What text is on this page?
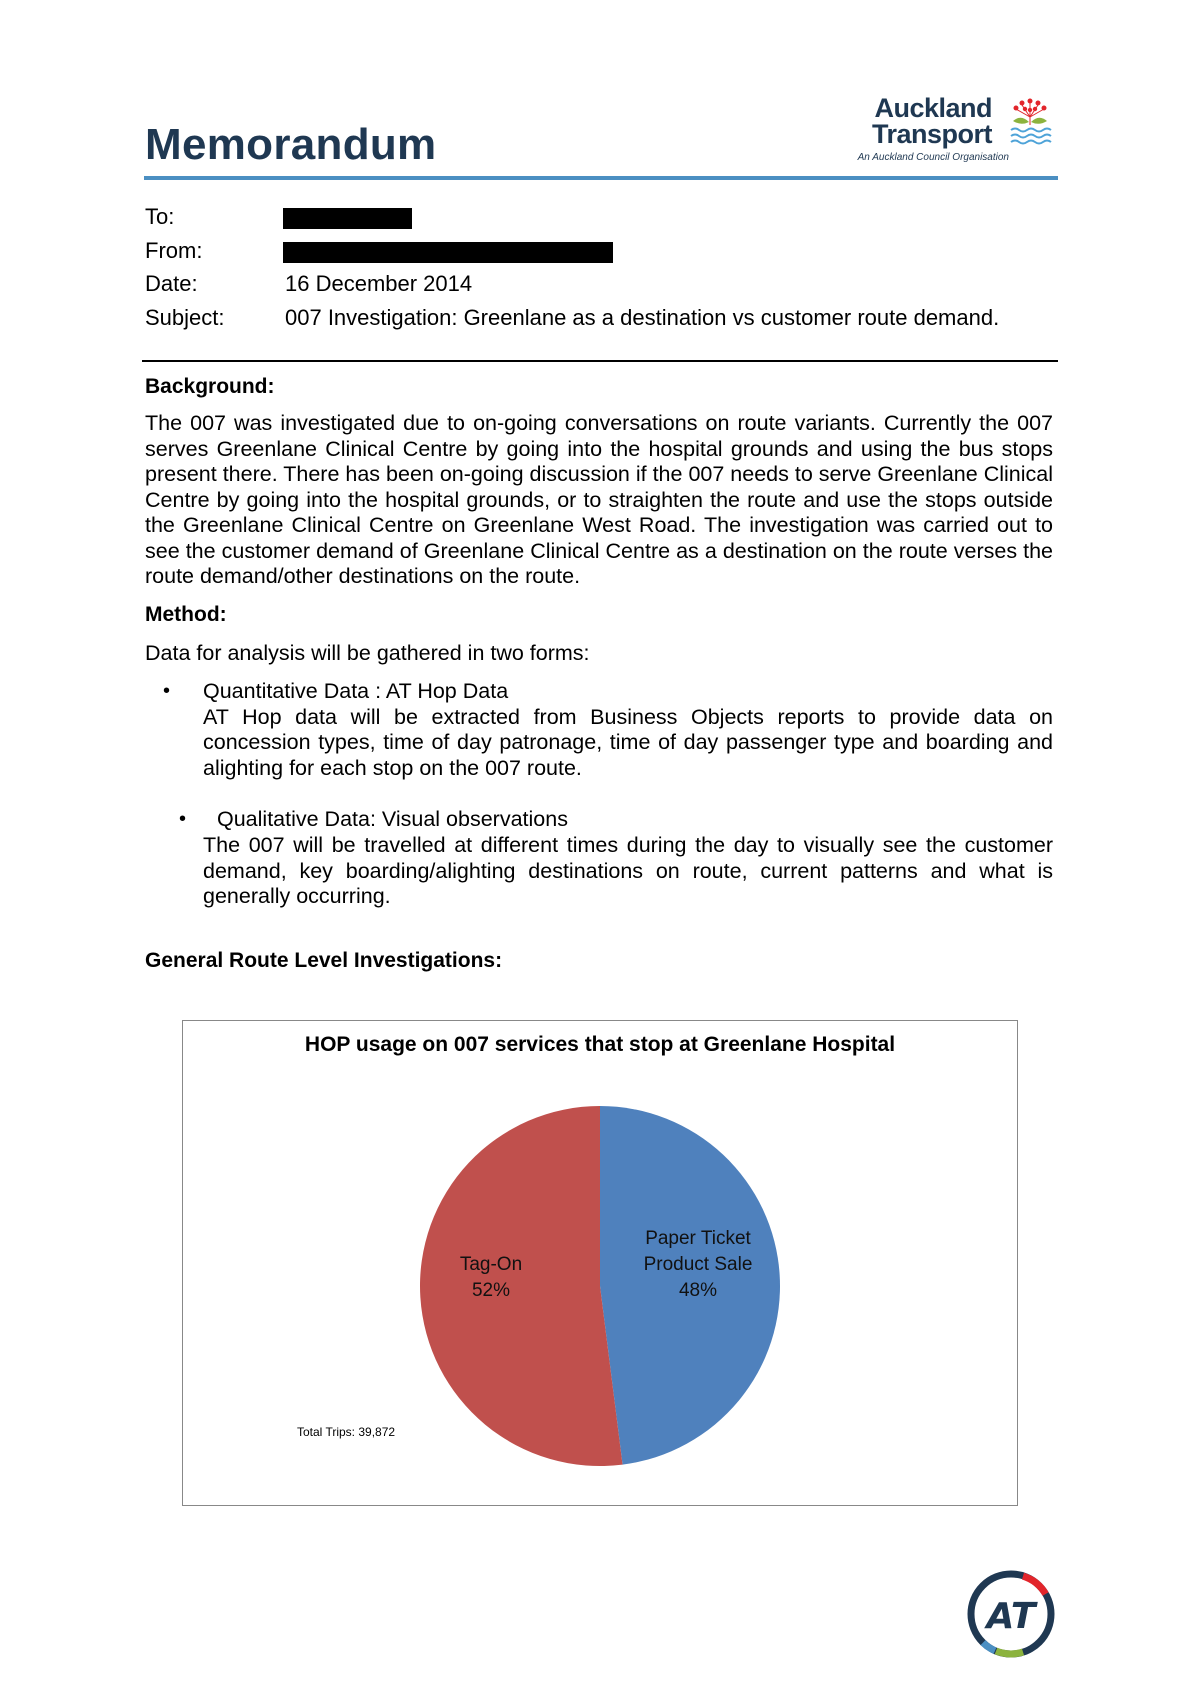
Memorandum
Auckland
Transport
An Auckland Council Organisation
To:
From:
Date:	16 December 2014
Subject:	007 Investigation: Greenlane as a destination vs customer route demand.
Background:
The 007 was investigated due to on-going conversations on route variants. Currently the 007 serves Greenlane Clinical Centre by going into the hospital grounds and using the bus stops present there. There has been on-going discussion if the 007 needs to serve Greenlane Clinical Centre by going into the hospital grounds, or to straighten the route and use the stops outside the Greenlane Clinical Centre on Greenlane West Road. The investigation was carried out to see the customer demand of Greenlane Clinical Centre as a destination on the route verses the route demand/other destinations on the route.
Method:
Data for analysis will be gathered in two forms:
• Quantitative Data : AT Hop Data
AT Hop data will be extracted from Business Objects reports to provide data on concession types, time of day patronage, time of day passenger type and boarding and alighting for each stop on the 007 route.
• Qualitative Data: Visual observations
The 007 will be travelled at different times during the day to visually see the customer demand, key boarding/alighting destinations on route, current patterns and what is generally occurring.
General Route Level Investigations:
HOP usage on 007 services that stop at Greenlane Hospital
Paper Ticket
Product Sale
48%
Tag-On
52%
Total Trips: 39,872
AT
